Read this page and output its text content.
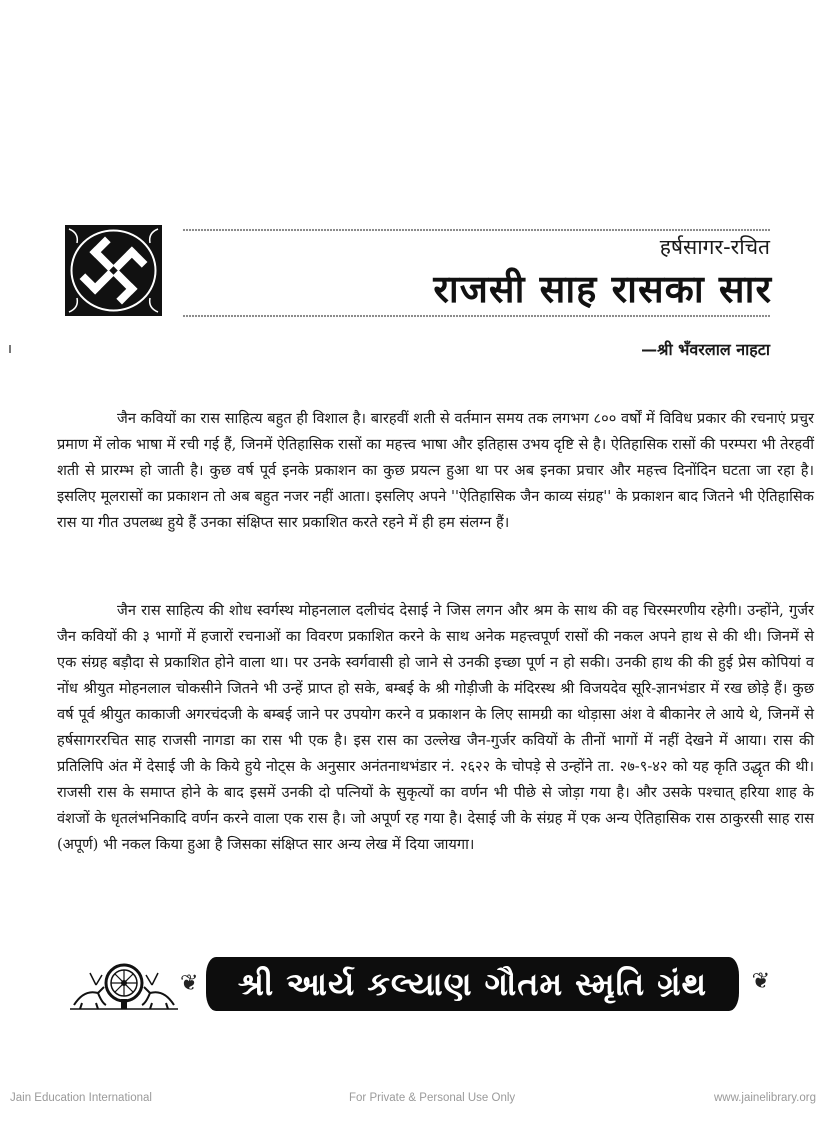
हर्षसागर-रचित
राजसी साह रासका सार
—श्री भँवरलाल नाहटा

जैन कवियों का रास साहित्य बहुत ही विशाल है। बारहवीं शती से वर्तमान समय तक लगभग ८०० वर्षों में विविध प्रकार की रचनाएं प्रचुर प्रमाण में लोक भाषा में रची गई हैं, जिनमें ऐतिहासिक रासों का महत्त्व भाषा और इतिहास उभय दृष्टि से है। ऐतिहासिक रासों की परम्परा भी तेरहवीं शती से प्रारम्भ हो जाती है। कुछ वर्ष पूर्व इनके प्रकाशन का कुछ प्रयत्न हुआ था पर अब इनका प्रचार और महत्त्व दिनोंदिन घटता जा रहा है। इसलिए मूलरासों का प्रकाशन तो अब बहुत नजर नहीं आता। इसलिए अपने ''ऐतिहासिक जैन काव्य संग्रह'' के प्रकाशन बाद जितने भी ऐतिहासिक रास या गीत उपलब्ध हुये हैं उनका संक्षिप्त सार प्रकाशित करते रहने में ही हम संलग्न हैं।

जैन रास साहित्य की शोध स्वर्गस्थ मोहनलाल दलीचंद देसाई ने जिस लगन और श्रम के साथ की वह चिरस्मरणीय रहेगी। उन्होंने, गुर्जर जैन कवियों की ३ भागों में हजारों रचनाओं का विवरण प्रकाशित करने के साथ अनेक महत्त्वपूर्ण रासों की नकल अपने हाथ से की थी। जिनमें से एक संग्रह बड़ौदा से प्रकाशित होने वाला था। पर उनके स्वर्गवासी हो जाने से उनकी इच्छा पूर्ण न हो सकी। उनकी हाथ की की हुई प्रेस कोपियां व नोंध श्रीयुत मोहनलाल चोकसीने जितने भी उन्हें प्राप्त हो सके, बम्बई के श्री गोड़ीजी के मंदिरस्थ श्री विजयदेव सूरि-ज्ञानभंडार में रख छोड़े हैं। कुछ वर्ष पूर्व श्रीयुत काकाजी अगरचंदजी के बम्बई जाने पर उपयोग करने व प्रकाशन के लिए सामग्री का थोड़ासा अंश वे बीकानेर ले आये थे, जिनमें से हर्षसागररचित साह राजसी नागडा का रास भी एक है। इस रास का उल्लेख जैन-गुर्जर कवियों के तीनों भागों में नहीं देखने में आया। रास की प्रतिलिपि अंत में देसाई जी के किये हुये नोट्स के अनुसार अनंतनाथभंडार नं. २६२२ के चोपड़े से उन्होंने ता. २७-९-४२ को यह कृति उद्धृत की थी। राजसी रास के समाप्त होने के बाद इसमें उनकी दो पत्नियों के सुकृत्यों का वर्णन भी पीछे से जोड़ा गया है। और उसके पश्चात् हरिया शाह के वंशजों के धृतलंभनिकादि वर्णन करने वाला एक रास है। जो अपूर्ण रह गया है। देसाई जी के संग्रह में एक अन्य ऐतिहासिक रास ठाकुरसी साह रास (अपूर्ण) भी नकल किया हुआ है जिसका संक्षिप्त सार अन्य लेख में दिया जायगा।

❦ શ્રી આર્ય કલ્યાણ ગૌતમ સ્મૃતિ ગ્રંથ ❦
Jain Education International	For Private & Personal Use Only	www.jainelibrary.org
